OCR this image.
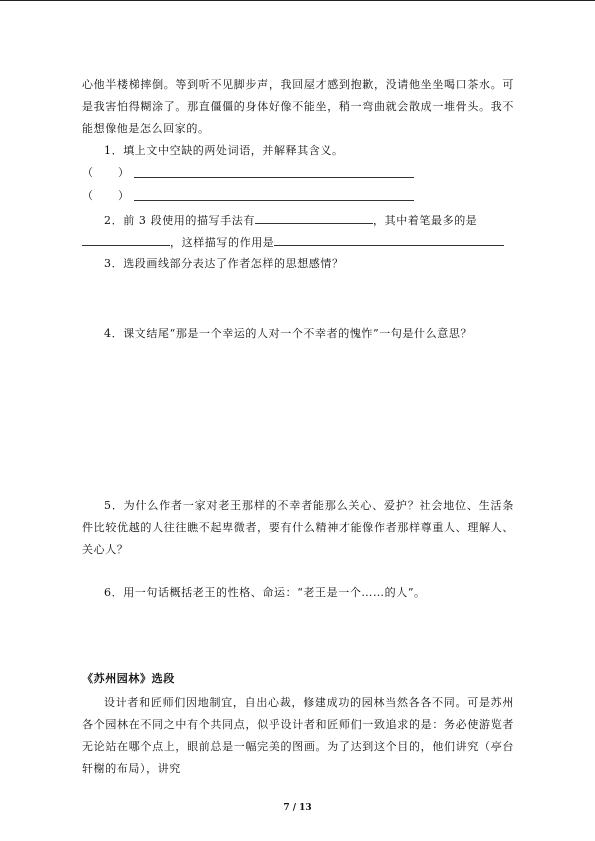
心他半楼梯摔倒。等到听不见脚步声，我回屋才感到抱歉，没请他坐坐喝口茶水。可是我害怕得糊涂了。那直僵僵的身体好像不能坐，稍一弯曲就会散成一堆骨头。我不能想像他是怎么回家的。

1．填上文中空缺的两处词语，并解释其含义。

（ ）
（ ）
2．前 3 段使用的描写手法有	，其中着笔最多的是
，这样描写的作用是
3．选段画线部分表达了作者怎样的思想感情？
4．课文结尾“那是一个幸运的人对一个不幸者的愧怍”一句是什么意思？
5．为什么作者一家对老王那样的不幸者能那么关心、爱护？社会地位、生活条件比较优越的人往往瞧不起卑微者，要有什么精神才能像作者那样尊重人、理解人、关心人？
6．用一句话概括老王的性格、命运：“老王是一个……的人”。
《苏州园林》选段

设计者和匠师们因地制宜，自出心裁，修建成功的园林当然各各不同。可是苏州各个园林在不同之中有个共同点，似乎设计者和匠师们一致追求的是：务必使游览者无论站在哪个点上，眼前总是一幅完美的图画。为了达到这个目的，他们讲究（亭台轩榭的布局），讲究

7 / 13
